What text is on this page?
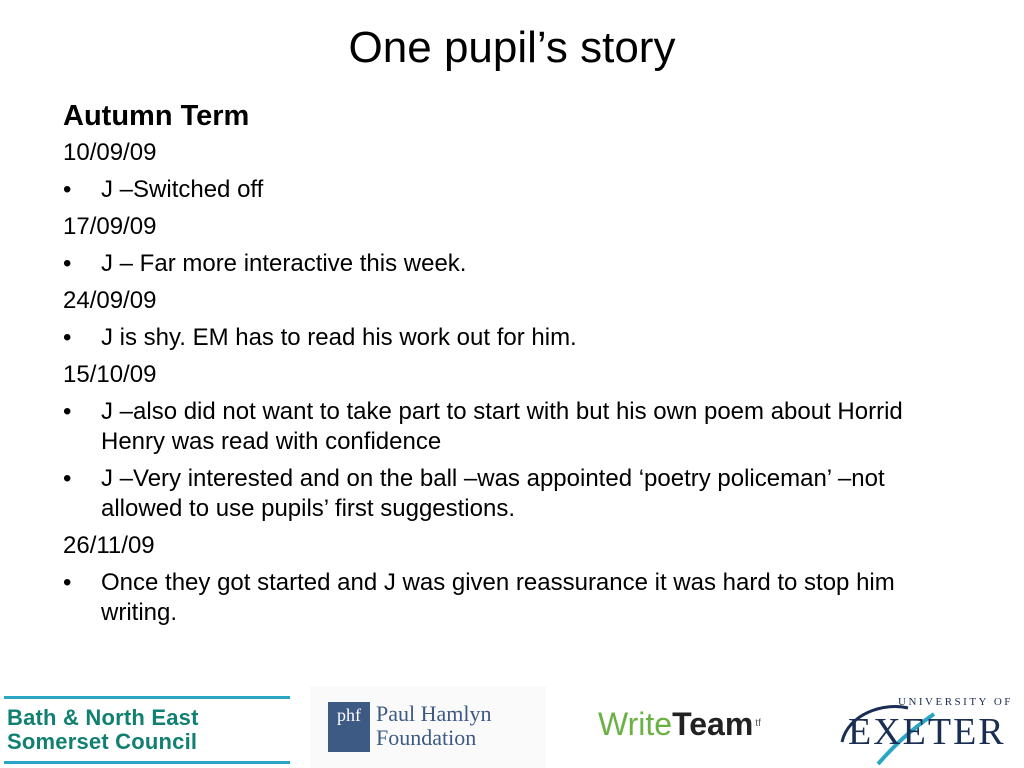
One pupil’s story
Autumn Term
10/09/09
•	J –Switched off
17/09/09
•	J – Far more interactive this week.
24/09/09
•	J is shy. EM has to read his work out for him.
15/10/09
•	J –also did not want to take part to start with but his own poem about Horrid Henry was read with confidence
•	J –Very interested and on the ball –was appointed ‘poetry policeman’ –not allowed to use pupils’ first suggestions.
26/11/09
•	Once they got started and J was given reassurance it was hard to stop him writing.
Bath & North East
Somerset Council
phf Paul Hamlyn
Foundation	WriteTeam $^{tf}$
UNIVERSITY OF
EXETER
